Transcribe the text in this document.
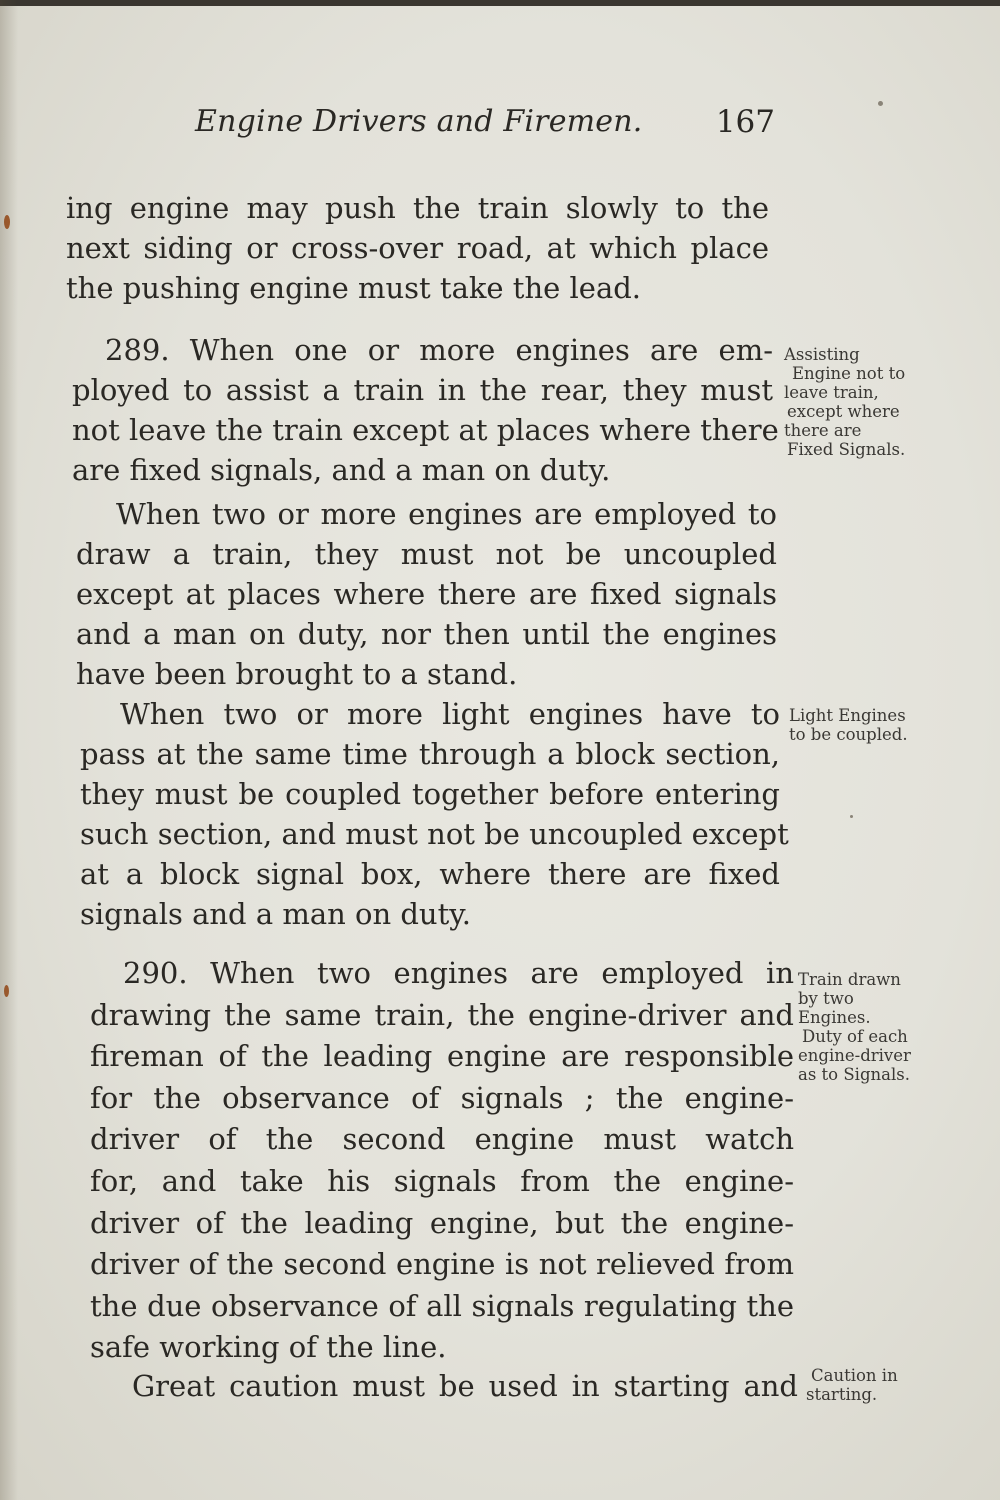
Engine Drivers and Firemen. 167

ing engine may push the train slowly to the
next siding or cross-over road, at which place
the pushing engine must take the lead.

289. When one or more engines are em-
ployed to assist a train in the rear, they must
not leave the train except at places where there
are fixed signals, and a man on duty.

When two or more engines are employed to
draw a train, they must not be uncoupled
except at places where there are fixed signals
and a man on duty, nor then until the engines
have been brought to a stand.

When two or more light engines have to
pass at the same time through a block section,
they must be coupled together before entering
such section, and must not be uncoupled except
at a block signal box, where there are fixed
signals and a man on duty.

290. When two engines are employed in
drawing the same train, the engine-driver and
fireman of the leading engine are responsible
for the observance of signals ; the engine-
driver of the second engine must watch
for, and take his signals from the engine-
driver of the leading engine, but the engine-
driver of the second engine is not relieved from
the due observance of all signals regulating the
safe working of the line.

Great caution must be used in starting and

Assisting
Engine not to
leave train,
except where
there are
Fixed Signals.
Light Engines
to be coupled.
Train drawn
by two
Engines.
Duty of each
engine-driver
as to Signals.
Caution in
starting.
